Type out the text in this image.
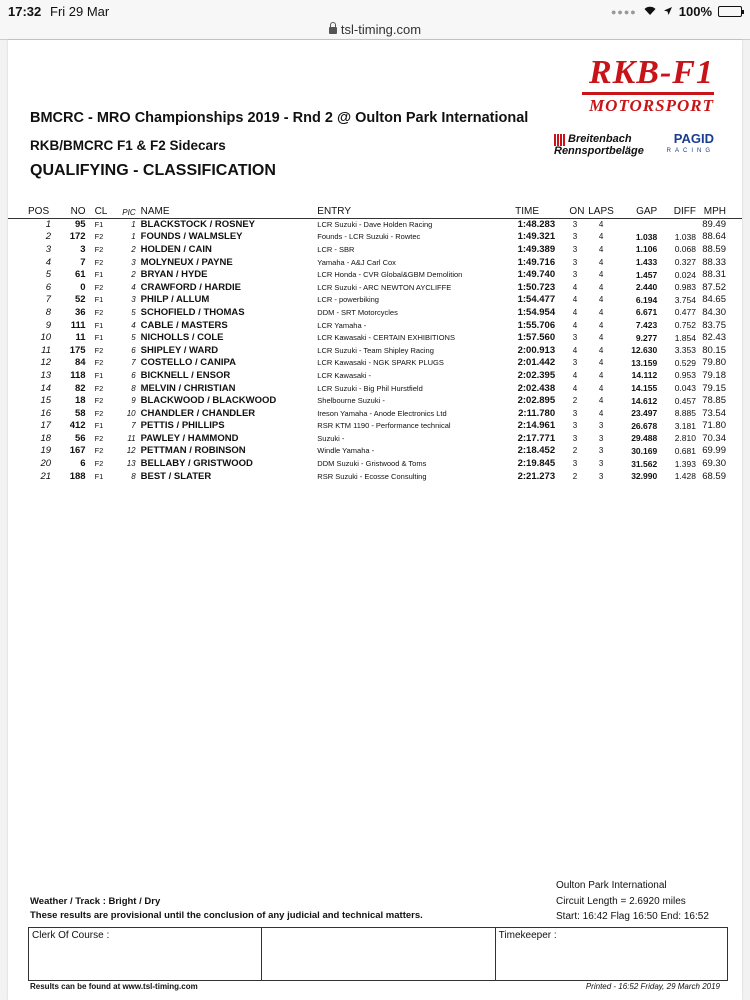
17:32 Fri 29 Mar	●●●●	100%
tsl-timing.com
RKB-F1
MOTORSPORT
Breitenbach Rennsportbeläge
PAGID
RACING
BMCRC - MRO Championships 2019 - Rnd 2 @ Oulton Park International
RKB/BMCRC F1 & F2 Sidecars
QUALIFYING - CLASSIFICATION
POS	NO	CL	PIC	NAME	ENTRY	TIME	ON	LAPS	GAP	DIFF	MPH
1	95	F1	1	BLACKSTOCK / ROSNEY	LCR Suzuki - Dave Holden Racing	1:48.283	3	4			89.49
2	172	F2	1	FOUNDS / WALMSLEY	Founds - LCR Suzuki - Rowtec	1:49.321	3	4	1.038	1.038	88.64
3	3	F2	2	HOLDEN / CAIN	LCR - SBR	1:49.389	3	4	1.106	0.068	88.59
4	7	F2	3	MOLYNEUX / PAYNE	Yamaha - A&J Carl Cox	1:49.716	3	4	1.433	0.327	88.33
5	61	F1	2	BRYAN / HYDE	LCR Honda - CVR Global&GBM Demolition	1:49.740	3	4	1.457	0.024	88.31
6	0	F2	4	CRAWFORD / HARDIE	LCR Suzuki - ARC NEWTON AYCLIFFE	1:50.723	4	4	2.440	0.983	87.52
7	52	F1	3	PHILP / ALLUM	LCR - powerbiking	1:54.477	4	4	6.194	3.754	84.65
8	36	F2	5	SCHOFIELD / THOMAS	DDM - SRT Motorcycles	1:54.954	4	4	6.671	0.477	84.30
9	111	F1	4	CABLE / MASTERS	LCR Yamaha -	1:55.706	4	4	7.423	0.752	83.75
10	11	F1	5	NICHOLLS / COLE	LCR Kawasaki - CERTAIN EXHIBITIONS	1:57.560	3	4	9.277	1.854	82.43
11	175	F2	6	SHIPLEY / WARD	LCR Suzuki - Team Shipley Racing	2:00.913	4	4	12.630	3.353	80.15
12	84	F2	7	COSTELLO / CANIPA	LCR Kawasaki - NGK SPARK PLUGS	2:01.442	3	4	13.159	0.529	79.80
13	118	F1	6	BICKNELL / ENSOR	LCR Kawasaki -	2:02.395	4	4	14.112	0.953	79.18
14	82	F2	8	MELVIN / CHRISTIAN	LCR Suzuki - Big Phil Hurstfield	2:02.438	4	4	14.155	0.043	79.15
15	18	F2	9	BLACKWOOD / BLACKWOOD	Shelbourne Suzuki -	2:02.895	2	4	14.612	0.457	78.85
16	58	F2	10	CHANDLER / CHANDLER	Ireson Yamaha - Anode Electronics Ltd	2:11.780	3	4	23.497	8.885	73.54
17	412	F1	7	PETTIS / PHILLIPS	RSR KTM 1190 - Performance technical	2:14.961	3	3	26.678	3.181	71.80
18	56	F2	11	PAWLEY / HAMMOND	Suzuki -	2:17.771	3	3	29.488	2.810	70.34
19	167	F2	12	PETTMAN / ROBINSON	Windle Yamaha -	2:18.452	2	3	30.169	0.681	69.99
20	6	F2	13	BELLABY / GRISTWOOD	DDM Suzuki - Gristwood & Toms	2:19.845	3	3	31.562	1.393	69.30
21	188	F1	8	BEST / SLATER	RSR Suzuki - Ecosse Consulting	2:21.273	2	3	32.990	1.428	68.59
Oulton Park International
Circuit Length = 2.6920 miles
Start: 16:42 Flag 16:50 End: 16:52
Weather / Track : Bright / Dry
These results are provisional until the conclusion of any judicial and technical matters.
Clerk Of Course :	Timekeeper :
Results can be found at www.tsl-timing.com	Printed - 16:52 Friday, 29 March 2019
